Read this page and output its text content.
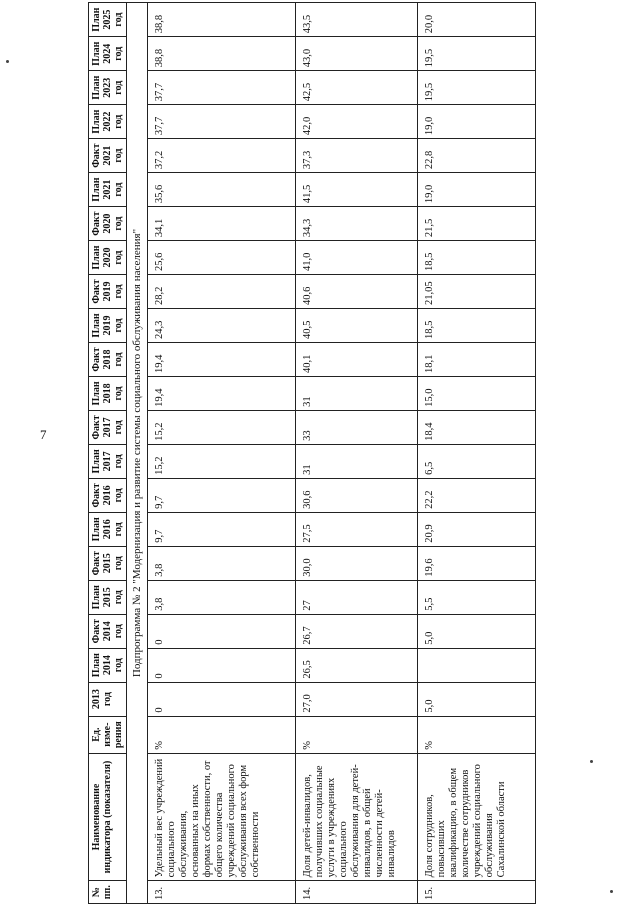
7
№ пп.	Наименование индикатора (показателя)	Ед. изме-рения	2013 год	План 2014 год	Факт 2014 год	План 2015 год	Факт 2015 год	План 2016 год	Факт 2016 год	План 2017 год	Факт 2017 год	План 2018 год	Факт 2018 год	План 2019 год	Факт 2019 год	План 2020 год	Факт 2020 год	План 2021 год	Факт 2021 год	План 2022 год	План 2023 год	План 2024 год	План 2025 год
Подпрограмма № 2 "Модернизация и развитие системы социального обслуживания населения"																							
13.	Удельный вес учреждений социального обслуживания, основанных на иных формах собственности, от общего количества учреждений социального обслуживания всех форм собственности	%	0	0	0	3,8	3,8	9,7	9,7	15,2	15,2	19,4	19,4	24,3	28,2	25,6	34,1	35,6	37,2	37,7	37,7	38,8	38,8
14.	Доля детей-инвалидов, получивших социальные услуги в учреждениях социального обслуживания для детей-инвалидов, в общей численности детей-инвалидов	%	27,0	26,5	26,7	27	30,0	27,5	30,6	31	33	31	40,1	40,5	40,6	41,0	34,3	41,5	37,3	42,0	42,5	43,0	43,5
15.	Доля сотрудников, повысивших квалификацию, в общем количестве сотрудников учреждений социального обслуживания Сахалинской области	%	5,0		5,0	5,5	19,6	20,9	22,2	6,5	18,4	15,0	18,1	18,5	21,05	18,5	21,5	19,0	22,8	19,0	19,5	19,5	20,0
